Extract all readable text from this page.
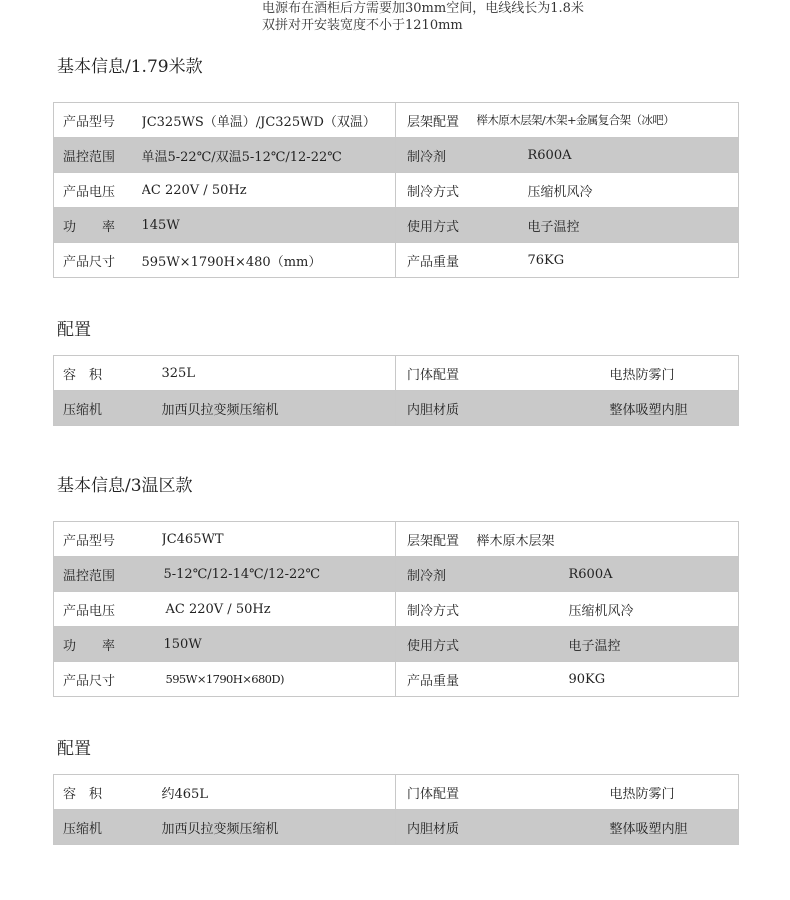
电源布在酒柜后方需要加30mm空间，电线线长为1.8米
双拼对开安装宽度不小于1210mm
基本信息/1.79米款
产品型号	JC325WS（单温）/JC325WD（双温）	层架配置	榉木原木层架/木架+金属复合架（冰吧）
温控范围	单温5-22℃/双温5-12℃/12-22℃	制冷剂	R600A
产品电压	AC 220V / 50Hz	制冷方式	压缩机风冷
功　　率	145W	使用方式	电子温控
产品尺寸	595W×1790H×480（mm）	产品重量	76KG
配置
容　积	325L	门体配置	电热防雾门
压缩机	加西贝拉变频压缩机	内胆材质	整体吸塑内胆
基本信息/3温区款
产品型号	JC465WT	层架配置	榉木原木层架
温控范围	5-12℃/12-14℃/12-22℃	制冷剂	R600A
产品电压	AC 220V / 50Hz	制冷方式	压缩机风冷
功　　率	150W	使用方式	电子温控
产品尺寸	595W×1790H×680D)	产品重量	90KG
配置
容　积	约465L	门体配置	电热防雾门
压缩机	加西贝拉变频压缩机	内胆材质	整体吸塑内胆
